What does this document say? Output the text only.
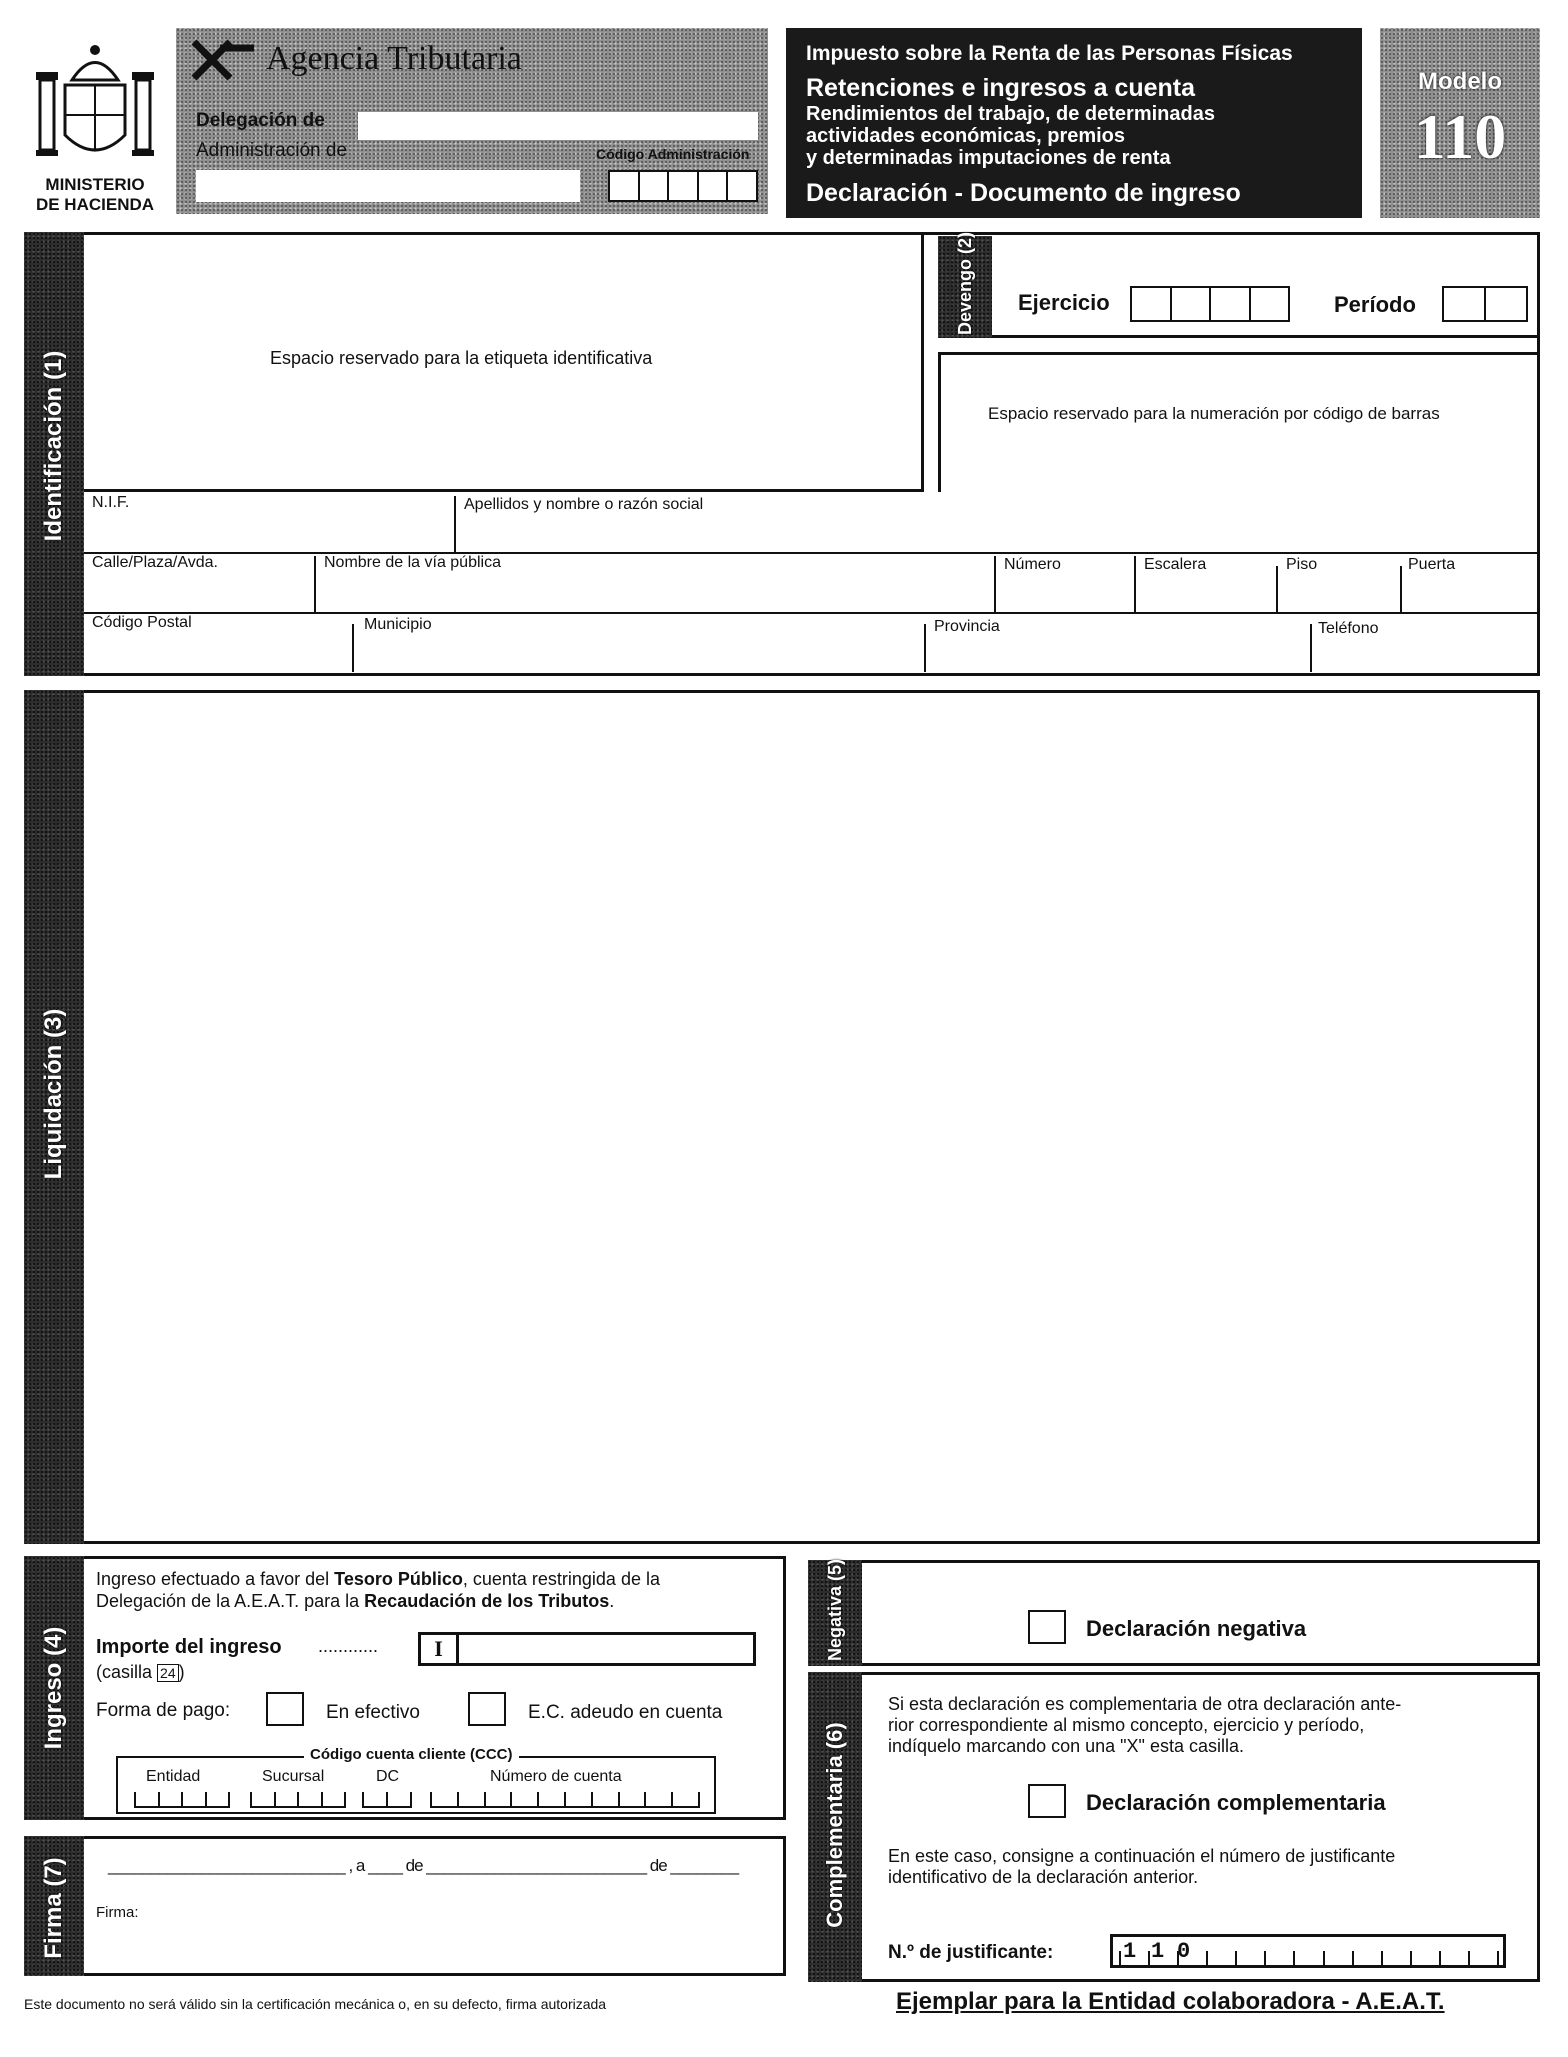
MINISTERIO
DE HACIENDA
Agencia Tributaria
Delegación de
Administración de	Código Administración
Impuesto sobre la Renta de las Personas Físicas
Retenciones e ingresos a cuenta
Rendimientos del trabajo, de determinadas
actividades económicas, premios
y determinadas imputaciones de renta
Declaración - Documento de ingreso
Modelo
110
Identificación (1)	Espacio reservado para la etiqueta identificativa
Devengo (2) Ejercicio	Período
Espacio reservado para la numeración por código de barras
N.I.F.	Apellidos y nombre o razón social
Calle/Plaza/Avda.	Nombre de la vía pública	Número	Escalera	Piso	Puerta
Código Postal	Municipio	Provincia	Teléfono
Liquidación (3)
Ingreso (4)
Ingreso efectuado a favor del Tesoro Público, cuenta restringida de la
Delegación de la A.E.A.T. para la Recaudación de los Tributos.
Importe del ingreso ............
(casilla 24 )
I
Forma de pago:	En efectivo	E.C. adeudo en cuenta
Código cuenta cliente (CCC)
Entidad	Sucursal	DC	Número de cuenta
Firma (7) ____________________________ , a ____ de __________________________ de ________
Firma:
Negativa (5)	Declaración negativa
Complementaria (6)
Si esta declaración es complementaria de otra declaración ante-
rior correspondiente al mismo concepto, ejercicio y período,
indíquelo marcando con una "X" esta casilla.
Declaración complementaria
En este caso, consigne a continuación el número de justificante
identificativo de la declaración anterior.
N.º de justificante:	1 1 0
Este documento no será válido sin la certificación mecánica o, en su defecto, firma autorizada	Ejemplar para la Entidad colaboradora - A.E.A.T.
